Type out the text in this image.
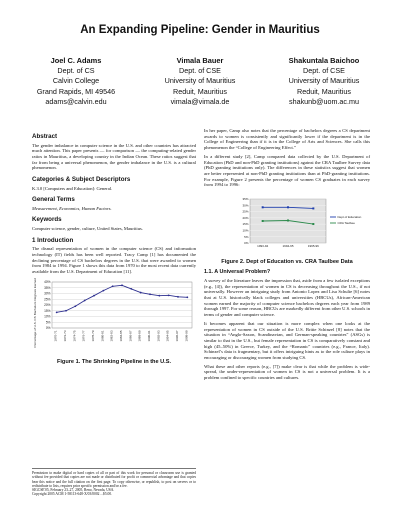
An Expanding Pipeline: Gender in Mauritius
Joel C. Adams
Dept. of CS
Calvin College
Grand Rapids, MI 49546
adams@calvin.edu
Vimala Bauer
Dept. of CSE
University of Mauritius
Reduit, Mauritius
vimala@vimala.de
Shakuntala Baichoo
Dept. of CSE
University of Mauritius
Reduit, Mauritius
shakunb@uom.ac.mu
Abstract

The gender imbalance in computer science in the U.S. and other countries has attracted much attention. This paper presents — for comparison — the computing-related gender ratios in Mauritius, a developing country in the Indian Ocean. These ratios suggest that far from being a universal phenomenon, the gender imbalance in the U.S. is a cultural phenomenon.

Categories & Subject Descriptors

K.3.0 [Computers and Education]: General.

General Terms

Measurement, Economics, Human Factors.

Keywords

Computer science, gender, culture, United States, Mauritius.

1 Introduction

The dismal representation of women in the computer science (CS) and information technology (IT) fields has been well reported. Tracy Camp [1] has documented the declining percentage of CS bachelors degrees in the U.S. that were awarded to women from 1984 to 1994. Figure 1 shows this data from 1970 to the most recent data currently available from the U.S. Department of Education [11].

0%
5%
10%
15%
20%
25%
30%
35%
40%
1970-71 1972-73 1974-75 1976-77 1978-79 1980-81 1982-83 1984-85 1986-87 1988-89 1990-91 1992-93 1994-95 1996-97 1998-99
Percentage of U.S. CS Bachelors Degrees Earned by Women
Figure 1. The Shrinking Pipeline in the U.S.

In her paper, Camp also notes that the percentage of bachelors degrees a CS department awards to women is consistently and significantly lower if the department is in the College of Engineering than if it is in the College of Arts and Sciences. She calls this phenomenon the “College of Engineering Effect.”

In a different study [2], Camp compared data collected by the U.S. Department of Education (PhD and non-PhD granting institutions) against the CRA Taulbee Survey data (PhD granting institutions only). The differences in these statistics suggest that women are better represented at non-PhD granting institutions than at PhD-granting institutions. For example, Figure 2 presents the percentage of women CS graduates in each survey from 1994 to 1996:

0%
5%
10%
15%
20%
25%
30%
35%
1993-94	1994-95	1995-96
Dept of Education
CRA Taulbee
Figure 2. Dept of Education vs. CRA Taulbee Data
1.1. A Universal Problem?

A survey of the literature leaves the impression that, aside from a few isolated exceptions (e.g., [4]), the representation of women in CS is decreasing throughout the U.S., if not universally. However an intriguing study from Antonio Lopez and Lisa Schulte [6] notes that at U.S. historically black colleges and universities (HBCUs), African-American women earned the majority of computer science bachelors degrees each year from 1989 through 1997. For some reason, HBCUs are markedly different from other U.S. schools in terms of gender and computer science.

It becomes apparent that our situation is more complex when one looks at the representation of women in CS outside of the U.S. Britte Schinzel [8] notes that the situation in “Anglo-Saxon, Scandinavian, and German-speaking countries” (ASGs) is similar to that in the U.S., but female representation in CS is comparatively constant and high (45–50%) in Greece, Turkey, and the “Romanic” countries (e.g., France, Italy). Schinzel’s data is fragmentary, but it offers intriguing hints as to the role culture plays in encouraging or discouraging women from studying CS.

What these and other reports (e.g., [7]) make clear is that while the problem is wide-spread, the under-representation of women in CS is not a universal problem. It is a problem confined to specific countries and cultures.

Permission to make digital or hard copies of all or part of this work for personal or classroom use is granted without fee provided that copies are not made or distributed for profit or commercial advantage and that copies bear this notice and the full citation on the first page. To copy otherwise, or republish, to post on servers or to redistribute to lists, requires prior specific permission and/or a fee.
SIGCSE'05, February 23–27, 2005, Reno, Nevada, USA.
Copyright 2005 ACM 1-58113-648-X/03/0002 ...$5.00.
